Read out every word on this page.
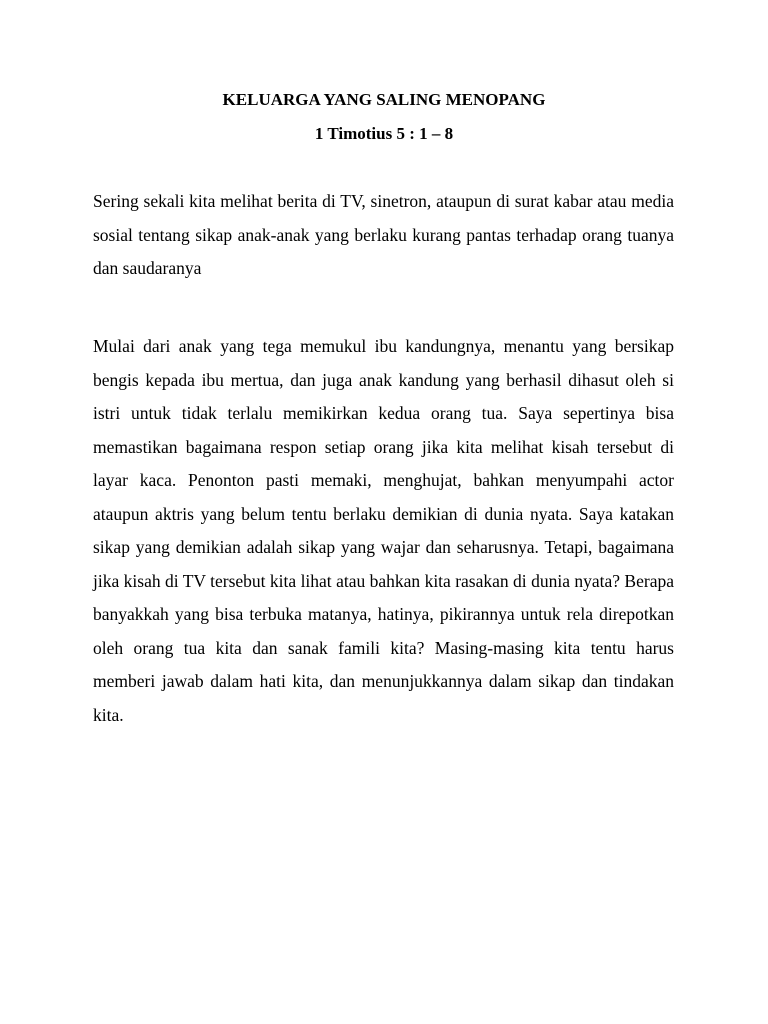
KELUARGA YANG SALING MENOPANG
1 Timotius 5 : 1 – 8

Sering sekali kita melihat berita di TV, sinetron, ataupun di surat kabar atau media sosial tentang sikap anak-anak yang berlaku kurang pantas terhadap orang tuanya dan saudaranya

Mulai dari anak yang tega memukul ibu kandungnya, menantu yang bersikap bengis kepada ibu mertua, dan juga anak kandung yang berhasil dihasut oleh si istri untuk tidak terlalu memikirkan kedua orang tua. Saya sepertinya bisa memastikan bagaimana respon setiap orang jika kita melihat kisah tersebut di layar kaca. Penonton pasti memaki, menghujat, bahkan menyumpahi actor ataupun aktris yang belum tentu berlaku demikian di dunia nyata. Saya katakan sikap yang demikian adalah sikap yang wajar dan seharusnya. Tetapi, bagaimana jika kisah di TV tersebut kita lihat atau bahkan kita rasakan di dunia nyata? Berapa banyakkah yang bisa terbuka matanya, hatinya, pikirannya untuk rela direpotkan oleh orang tua kita dan sanak famili kita? Masing-masing kita tentu harus memberi jawab dalam hati kita, dan menunjukkannya dalam sikap dan tindakan kita.
